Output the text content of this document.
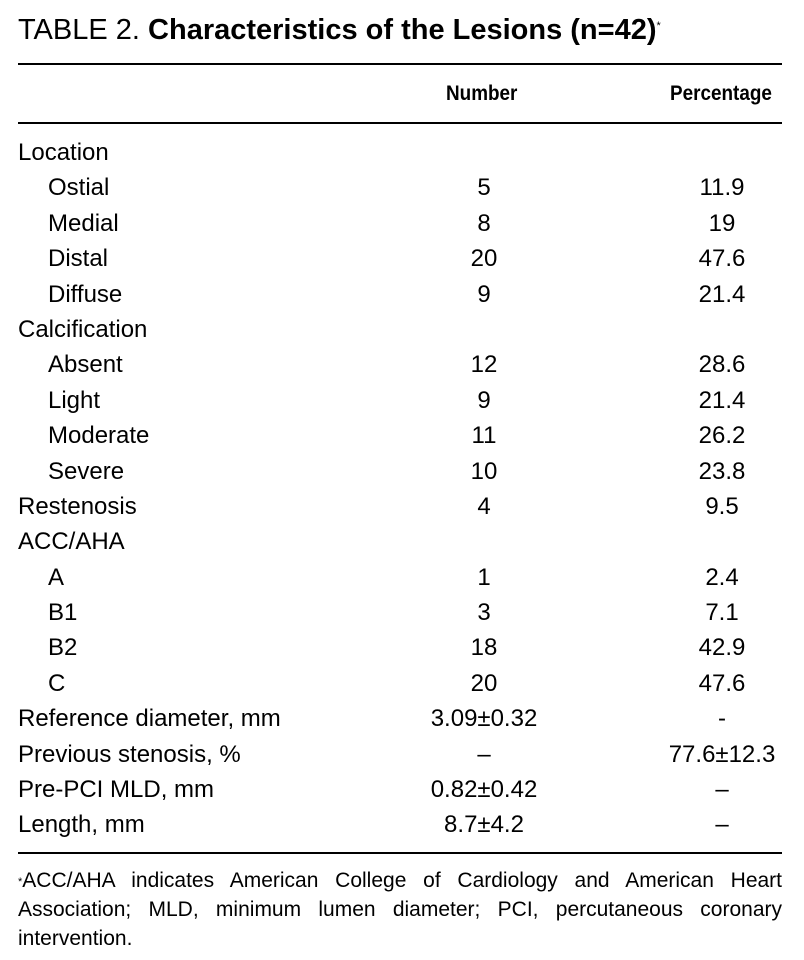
TABLE 2. Characteristics of the Lesions (n=42)*
Number	Percentage
Location
Ostial	5	11.9
Medial	8	19
Distal	20	47.6
Diffuse	9	21.4
Calcification
Absent	12	28.6
Light	9	21.4
Moderate	11	26.2
Severe	10	23.8
Restenosis	4	9.5
ACC/AHA
A	1	2.4
B1	3	7.1
B2	18	42.9
C	20	47.6
Reference diameter, mm	3.09±0.32	-
Previous stenosis, %	–	77.6±12.3
Pre-PCI MLD, mm	0.82±0.42	–
Length, mm	8.7±4.2	–
*ACC/AHA indicates American College of Cardiology and American Heart Association; MLD, minimum lumen diameter; PCI, percutaneous coronary intervention.
